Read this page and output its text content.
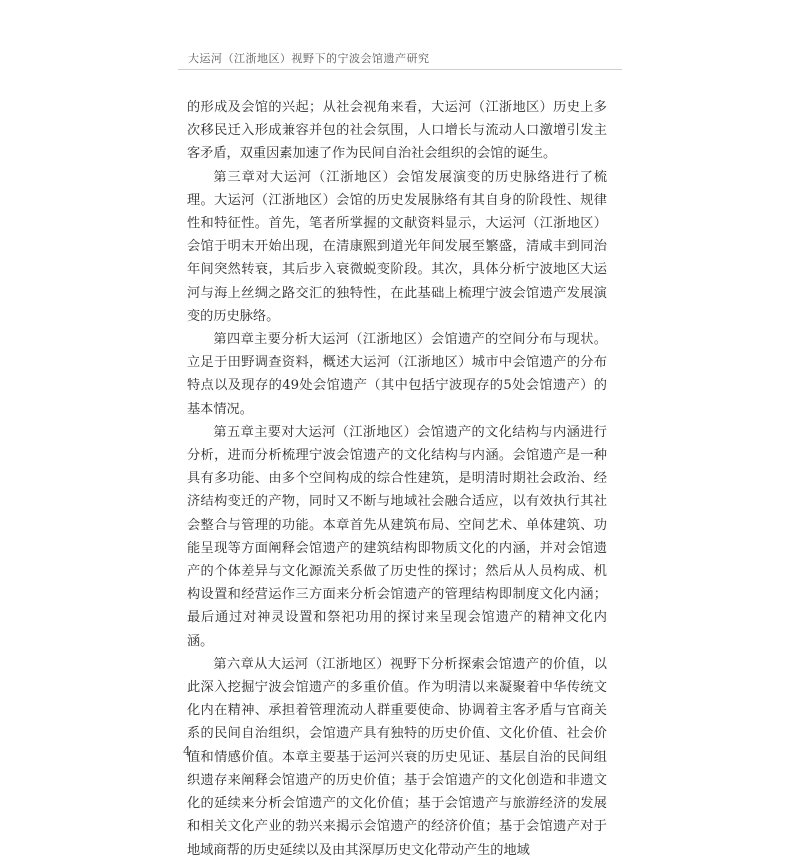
大运河（江浙地区）视野下的宁波会馆遗产研究

的形成及会馆的兴起；从社会视角来看，大运河（江浙地区）历史上多次移民迁入形成兼容并包的社会氛围，人口增长与流动人口激增引发主客矛盾，双重因素加速了作为民间自治社会组织的会馆的诞生。

第三章对大运河（江浙地区）会馆发展演变的历史脉络进行了梳理。大运河（江浙地区）会馆的历史发展脉络有其自身的阶段性、规律性和特征性。首先，笔者所掌握的文献资料显示，大运河（江浙地区）会馆于明末开始出现，在清康熙到道光年间发展至繁盛，清咸丰到同治年间突然转衰，其后步入衰微蜕变阶段。其次，具体分析宁波地区大运河与海上丝绸之路交汇的独特性，在此基础上梳理宁波会馆遗产发展演变的历史脉络。

第四章主要分析大运河（江浙地区）会馆遗产的空间分布与现状。立足于田野调查资料，概述大运河（江浙地区）城市中会馆遗产的分布特点以及现存的49处会馆遗产（其中包括宁波现存的5处会馆遗产）的基本情况。

第五章主要对大运河（江浙地区）会馆遗产的文化结构与内涵进行分析，进而分析梳理宁波会馆遗产的文化结构与内涵。会馆遗产是一种具有多功能、由多个空间构成的综合性建筑，是明清时期社会政治、经济结构变迁的产物，同时又不断与地域社会融合适应，以有效执行其社会整合与管理的功能。本章首先从建筑布局、空间艺术、单体建筑、功能呈现等方面阐释会馆遗产的建筑结构即物质文化的内涵，并对会馆遗产的个体差异与文化源流关系做了历史性的探讨；然后从人员构成、机构设置和经营运作三方面来分析会馆遗产的管理结构即制度文化内涵；最后通过对神灵设置和祭祀功用的探讨来呈现会馆遗产的精神文化内涵。

第六章从大运河（江浙地区）视野下分析探索会馆遗产的价值，以此深入挖掘宁波会馆遗产的多重价值。作为明清以来凝聚着中华传统文化内在精神、承担着管理流动人群重要使命、协调着主客矛盾与官商关系的民间自治组织，会馆遗产具有独特的历史价值、文化价值、社会价值和情感价值。本章主要基于运河兴衰的历史见证、基层自治的民间组织遗存来阐释会馆遗产的历史价值；基于会馆遗产的文化创造和非遗文化的延续来分析会馆遗产的文化价值；基于会馆遗产与旅游经济的发展和相关文化产业的勃兴来揭示会馆遗产的经济价值；基于会馆遗产对于地域商帮的历史延续以及由其深厚历史文化带动产生的地域

4
